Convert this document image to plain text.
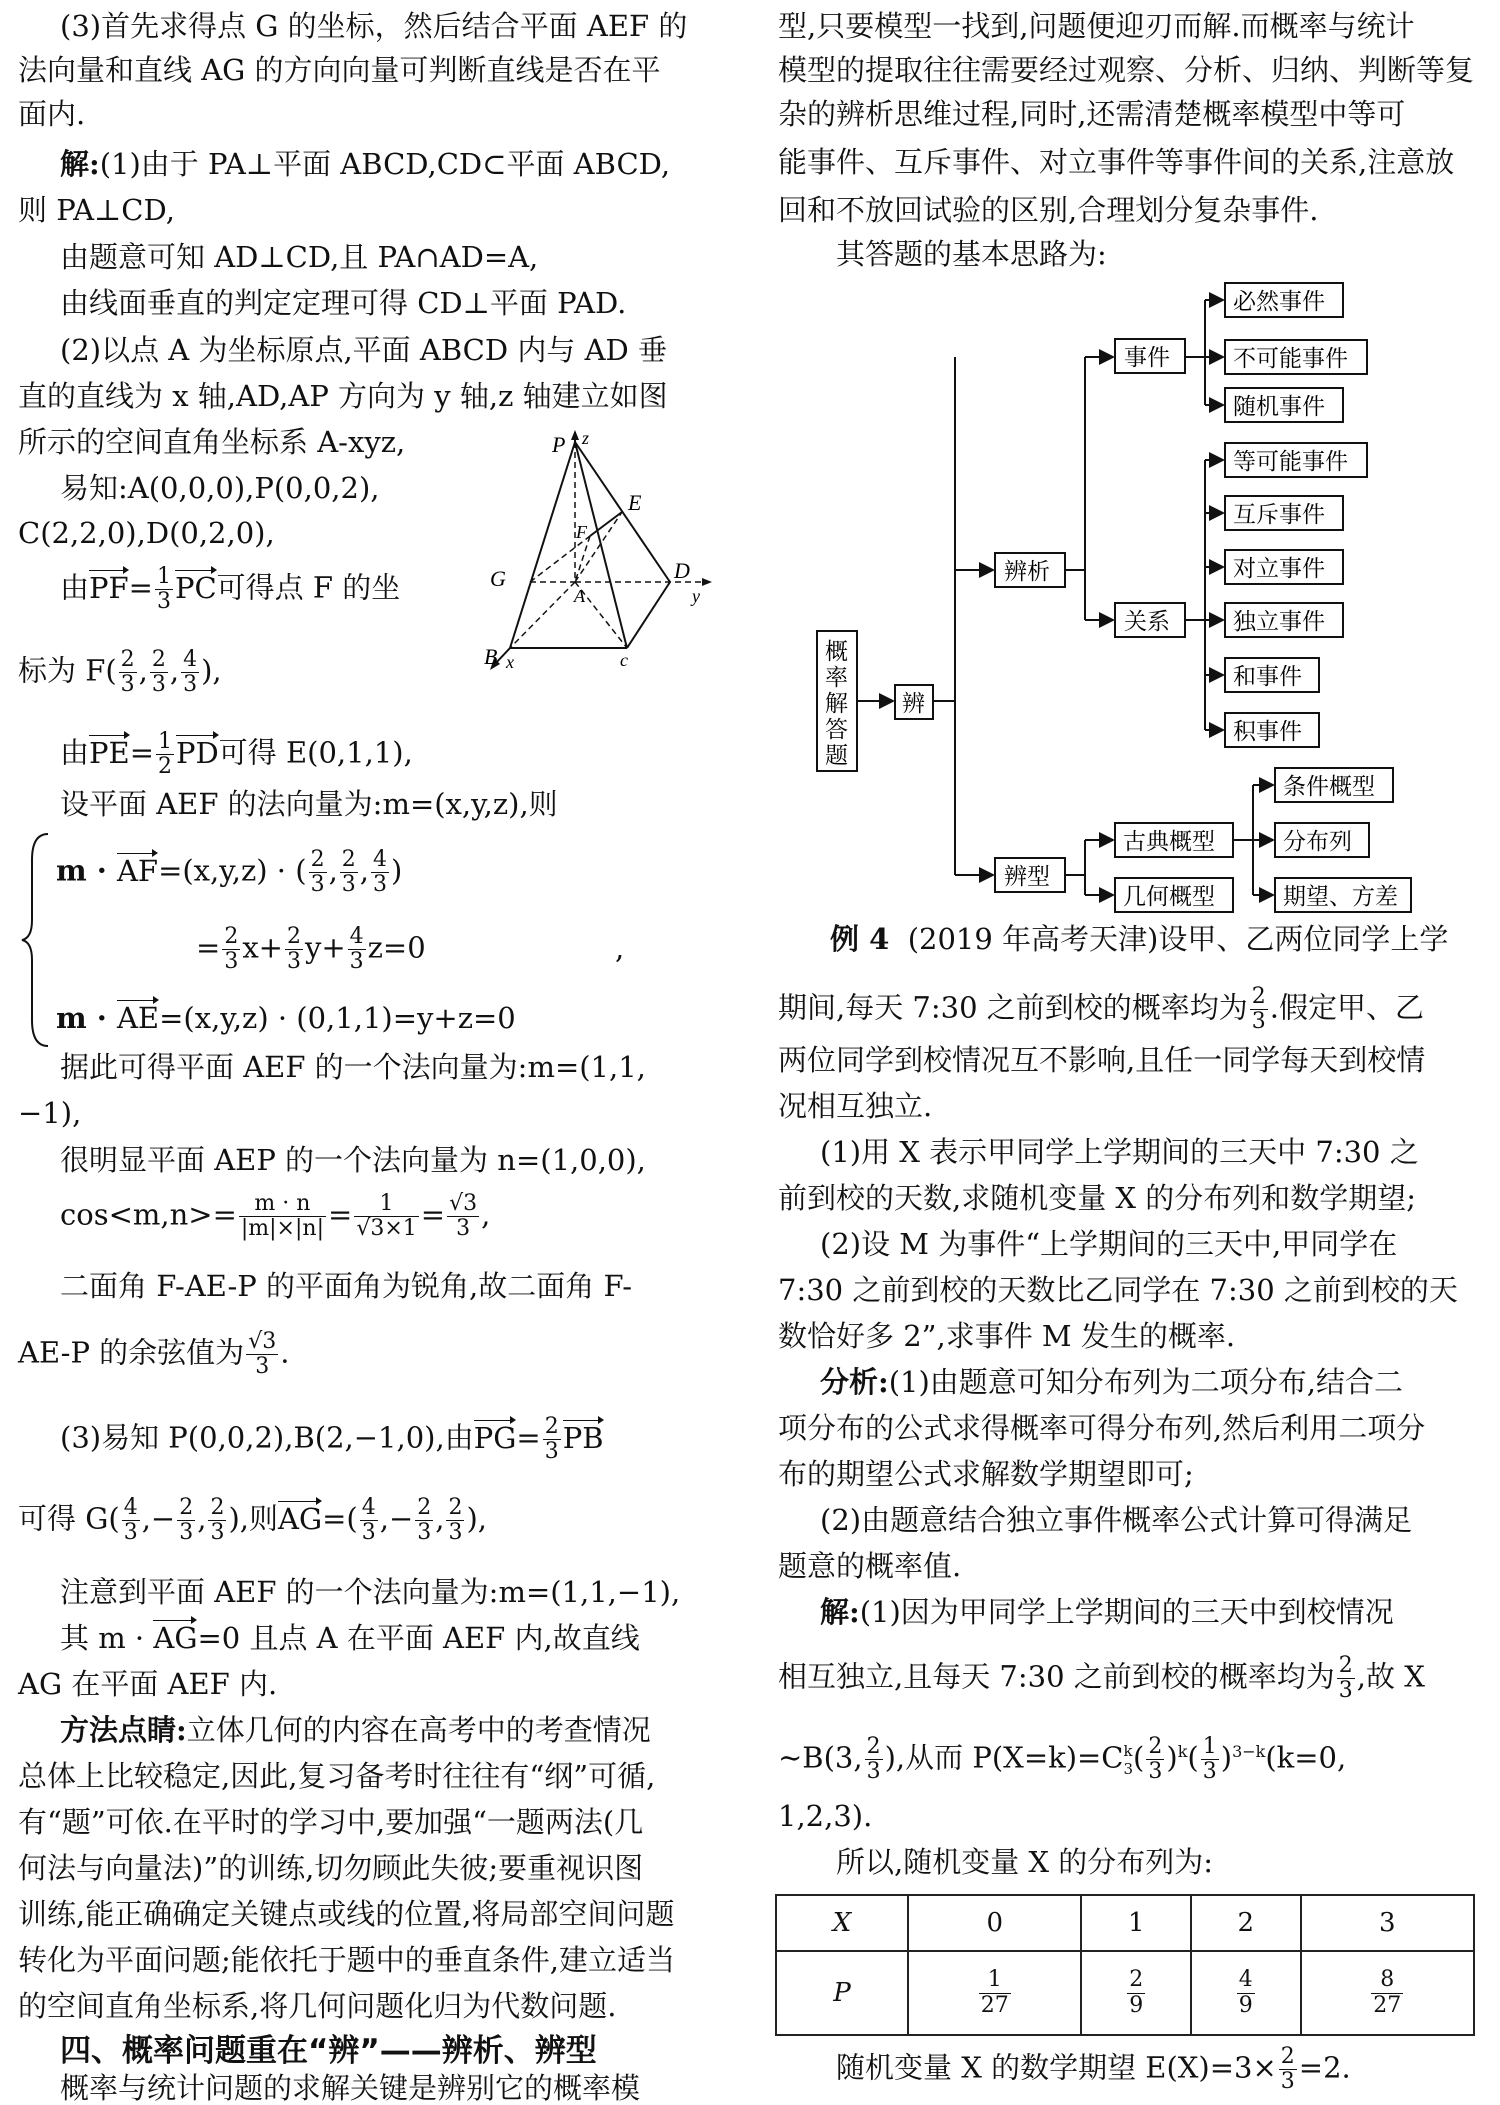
(3)首先求得点 G 的坐标，然后结合平面 AEF 的
法向量和直线 AG 的方向向量可判断直线是否在平
面内.
解:(1)由于 PA⊥平面 ABCD,CD⊂平面 ABCD,
则 PA⊥CD,
由题意可知 AD⊥CD,且 PA∩AD=A,
由线面垂直的判定定理可得 CD⊥平面 PAD.
(2)以点 A 为坐标原点,平面 ABCD 内与 AD 垂
直的直线为 x 轴,AD,AP 方向为 y 轴,z 轴建立如图
所示的空间直角坐标系 A-xyz,
易知:A(0,0,0),P(0,0,2),
C(2,2,0),D(0,2,0),
由$PF= \frac{1}{3}$ PC可得点 F 的坐
标为 $F( \frac{2}{3}$ , $\frac{2}{3}$ , $\frac{4}{3}$ ),
由$PE= \frac{1}{2}$ PD可得 E(0,1,1),
设平面 AEF 的法向量为:m=(x,y,z),则
m · AF=(x,y,z) · ( $\frac{2}{3}$ , $\frac{2}{3}$ , $\frac{4}{3}$ )
= $\frac{2}{3} x+ \frac{2}{3} y+ \frac{4}{3} z=0$	,
m · AE=(x,y,z) · (0,1,1)=y+z=0
据此可得平面 AEF 的一个法向量为:m=(1,1,
−1),
很明显平面 AEP 的一个法向量为 n=(1,0,0),
$\cos<m,n>= \frac{m \cdot n}{|m|\times|n|} = \frac{1}{√3\times 1} = \frac{√3}{3}$ ,
二面角 F-AE-P 的平面角为锐角,故二面角 F-
AE-P 的余弦值为 $\frac{√3}{3}$ .
(3)易知 P(0,0,2),B(2,−1,0),由$PG= \frac{2}{3}$ PB
可得 $G( \frac{4}{3}$ ,− $\frac{2}{3}$ , $\frac{2}{3}$ ),则$AG=( \frac{4}{3}$ ,− $\frac{2}{3}$ , $\frac{2}{3}$ ),
注意到平面 AEF 的一个法向量为:m=(1,1,−1),
其 m · AG=0 且点 A 在平面 AEF 内,故直线
AG 在平面 AEF 内.
方法点睛:立体几何的内容在高考中的考查情况
总体上比较稳定,因此,复习备考时往往有“纲”可循,
有“题”可依.在平时的学习中,要加强“一题两法(几
何法与向量法)”的训练,切勿顾此失彼;要重视识图
训练,能正确确定关键点或线的位置,将局部空间问题
转化为平面问题;能依托于题中的垂直条件,建立适当
的空间直角坐标系,将几何问题化归为代数问题.
四、概率问题重在“辨”——辨析、辨型
概率与统计问题的求解关键是辨别它的概率模
P z
E
F
G
A
D
y
B x	c
型,只要模型一找到,问题便迎刃而解.而概率与统计
模型的提取往往需要经过观察、分析、归纳、判断等复
杂的辨析思维过程,同时,还需清楚概率模型中等可
能事件、互斥事件、对立事件等事件间的关系,注意放
回和不放回试验的区别,合理划分复杂事件.
其答题的基本思路为:
概
率
解
答
题
辨
辨析
辨型
事件
关系
必然事件
不可能事件
随机事件
等可能事件
互斥事件
对立事件
独立事件
和事件
积事件
古典概型
几何概型
条件概型
分布列
期望、方差
例 4 (2019 年高考天津)设甲、乙两位同学上学
期间,每天 7:30 之前到校的概率均为 $\frac{2}{3}$ .假定甲、乙
两位同学到校情况互不影响,且任一同学每天到校情
况相互独立.
(1)用 X 表示甲同学上学期间的三天中 7:30 之
前到校的天数,求随机变量 X 的分布列和数学期望;
(2)设 M 为事件“上学期间的三天中,甲同学在
7:30 之前到校的天数比乙同学在 7:30 之前到校的天
数恰好多 2”,求事件 M 发生的概率.
分析:(1)由题意可知分布列为二项分布,结合二
项分布的公式求得概率可得分布列,然后利用二项分
布的期望公式求解数学期望即可;
(2)由题意结合独立事件概率公式计算可得满足
题意的概率值.
解:(1)因为甲同学上学期间的三天中到校情况
相互独立,且每天 7:30 之前到校的概率均为 $\frac{2}{3}$ ,故 X
∼B(3, $\frac{2}{3}$ ),从而 P(X=k)=C k
3 ( $\frac{2}{3} )^k( \frac{1}{3} )^{3-k}(k=0$,
1,2,3).
所以,随机变量 X 的分布列为:
X	0	1	2	3
P	$\frac{1}{27}$	$\frac{2}{9}$	$\frac{4}{9}$	$\frac{8}{27}$
随机变量 X 的数学期望 $E(X)=3\times \frac{2}{3} =2$.
